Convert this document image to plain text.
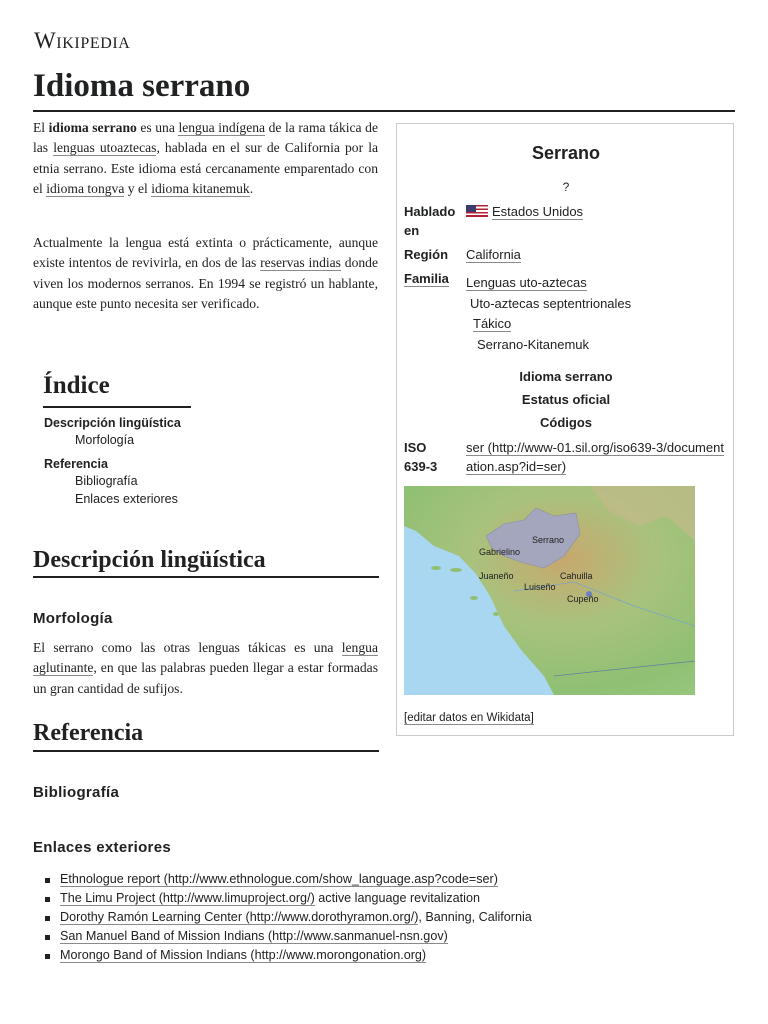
Wikipedia
Idioma serrano

El idioma serrano es una lengua indígena de la rama tákica de las lenguas utoaztecas, hablada en el sur de California por la etnia serrano. Este idioma está cercanamente emparentado con el idioma tongva y el idioma kitanemuk.

Actualmente la lengua está extinta o prácticamente, aunque existe intentos de revivirla, en dos de las reservas indias donde viven los modernos serranos. En 1994 se registró un hablante, aunque este punto necesita ser verificado.

Índice
Descripción lingüística
Morfología
Referencia
Bibliografía
Enlaces exteriores
Descripción lingüística
Morfología

El serrano como las otras lenguas tákicas es una lengua aglutinante, en que las palabras pueden llegar a estar formadas un gran cantidad de sufijos.

Referencia
Bibliografía
Enlaces exteriores
Ethnologue report (http://www.ethnologue.com/show_language.asp?code=ser)
The Limu Project (http://www.limuproject.org/) active language revitalization
Dorothy Ramón Learning Center (http://www.dorothyramon.org/), Banning, California
San Manuel Band of Mission Indians (http://www.sanmanuel-nsn.gov)
Morongo Band of Mission Indians (http://www.morongonation.org)
Serrano
?
Hablado en
Estados Unidos
Región California
Familia Lenguas uto-aztecas
Uto-aztecas septentrionales
Tákico
Serrano-Kitanemuk
Idioma serrano
Estatus oficial
Códigos
ISO 639-3
ser (http://www-01.sil.org/iso639-3/documentation.asp?id=ser)
Serrano
Gabrielino
Juaneño
Luiseño
Cahuilla
Cupeño
[editar datos en Wikidata]
